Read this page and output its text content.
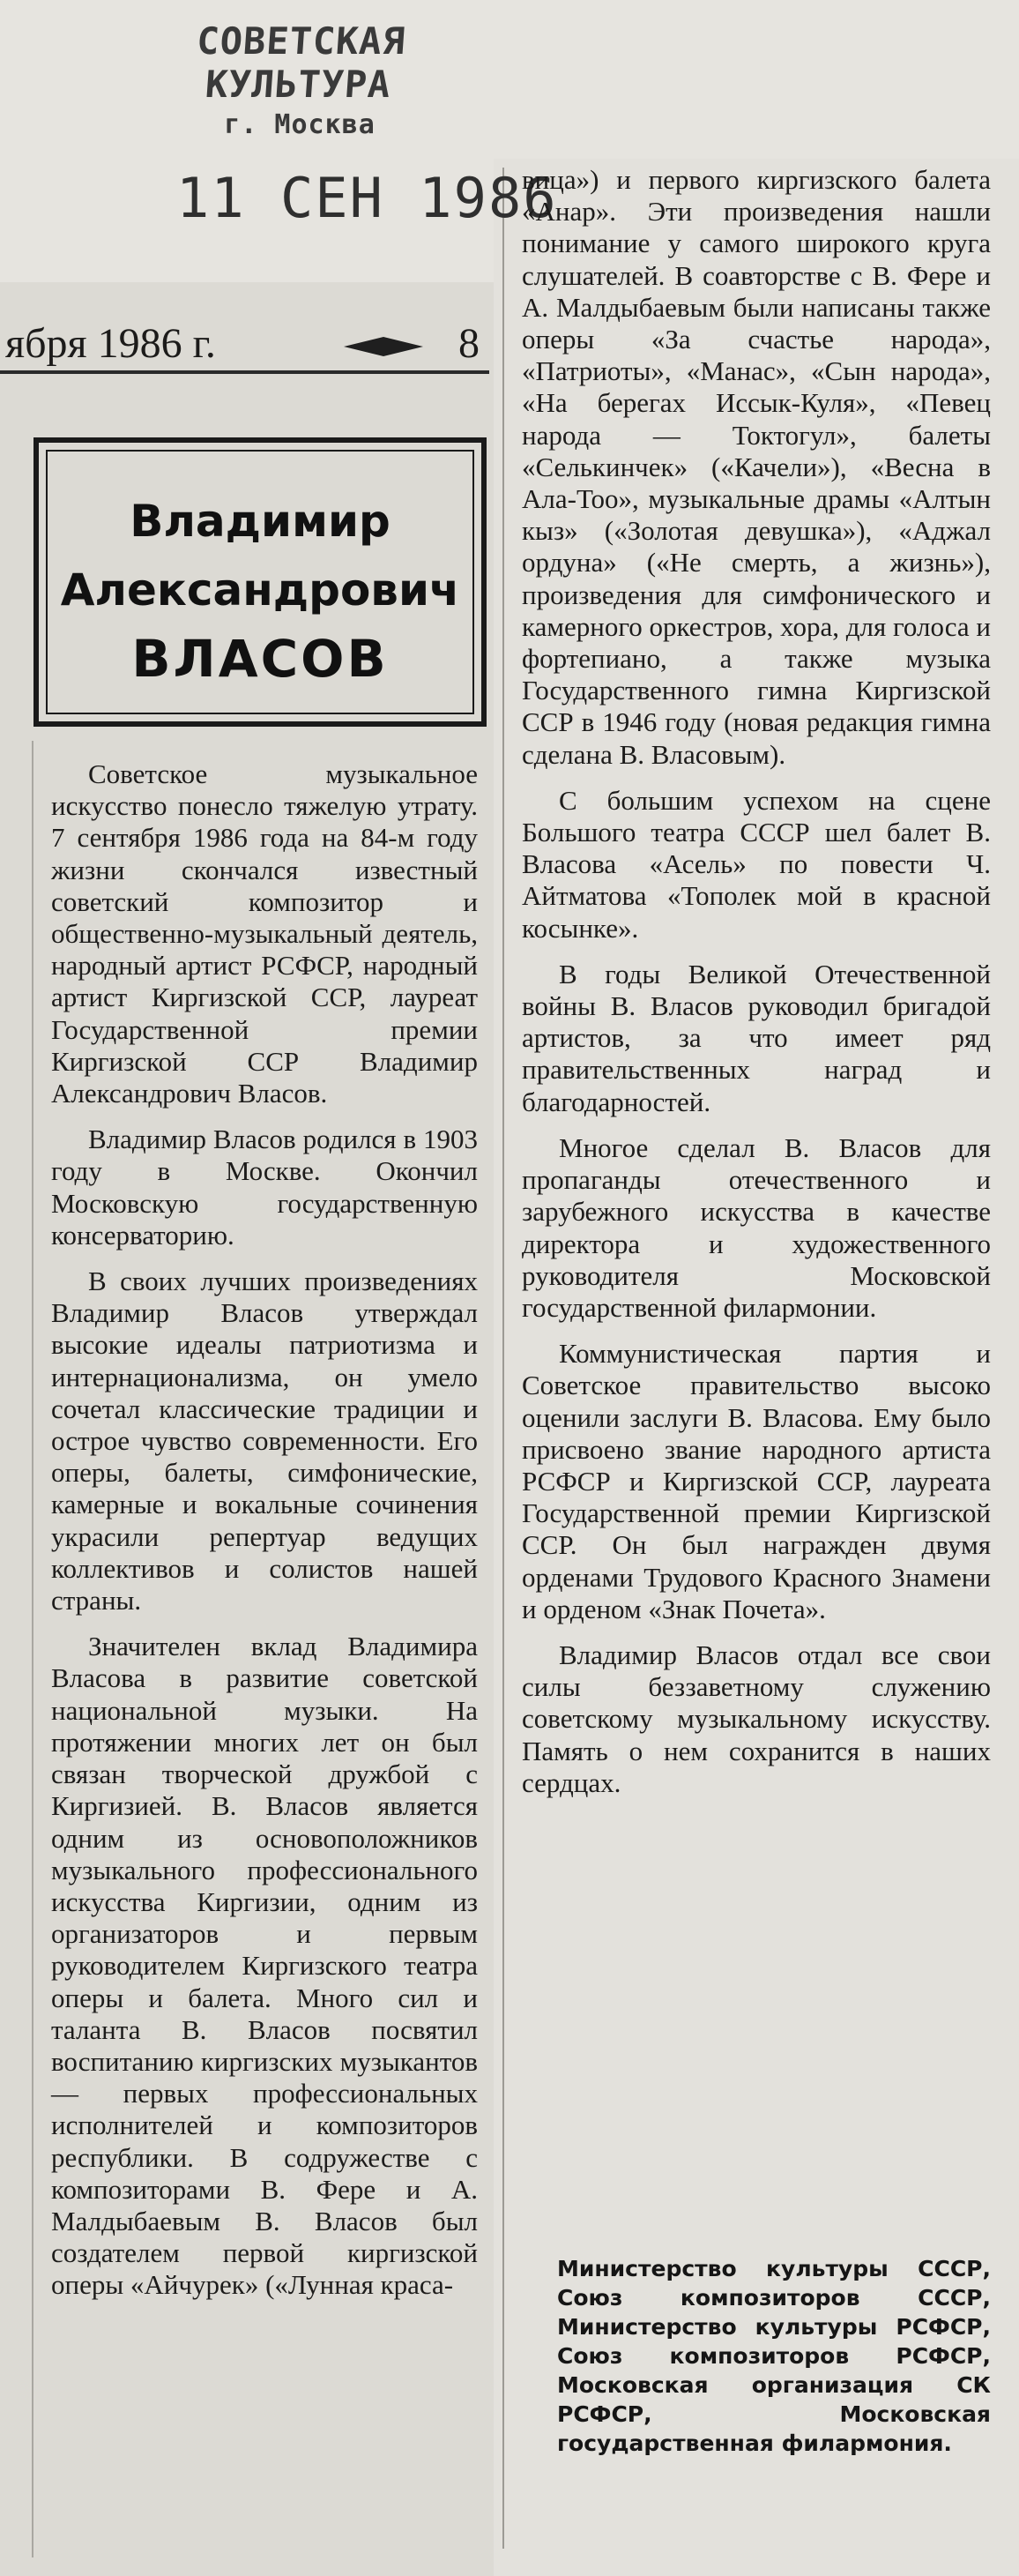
СОВЕТСКАЯ КУЛЬТУРА
г. Москва
11 СЕН 1986
ября 1986 г.	8
Владимир
Александрович
ВЛАСОВ

Советское музыкальное искусство понесло тяжелую утрату. 7 сентября 1986 года на 84-м году жизни скончался известный советский композитор и общественно-музыкальный деятель, народный артист РСФСР, народный артист Киргизской ССР, лауреат Государственной премии Киргизской ССР Владимир Александрович Власов.

Владимир Власов родился в 1903 году в Москве. Окончил Московскую государственную консерваторию.

В своих лучших произведениях Владимир Власов утверждал высокие идеалы патриотизма и интернационализма, он умело сочетал классические традиции и острое чувство современности. Его оперы, балеты, симфонические, камерные и вокальные сочинения украсили репертуар ведущих коллективов и солистов нашей страны.

Значителен вклад Владимира Власова в развитие советской национальной музыки. На протяжении многих лет он был связан творческой дружбой с Киргизией. В. Власов является одним из основоположников музыкального профессионального искусства Киргизии, одним из организаторов и первым руководителем Киргизского театра оперы и балета. Много сил и таланта В. Власов посвятил воспитанию киргизских музыкантов — первых профессиональных исполнителей и композиторов республики. В содружестве с композиторами В. Фере и А. Малдыбаевым В. Власов был создателем первой киргизской оперы «Айчурек» («Лунная краса-

вица») и первого киргизского балета «Анар». Эти произведения нашли понимание у самого широкого круга слушателей. В соавторстве с В. Фере и А. Малдыбаевым были написаны также оперы «За счастье народа», «Патриоты», «Манас», «Сын народа», «На берегах Иссык-Куля», «Певец народа — Токтогул», балеты «Селькинчек» («Качели»), «Весна в Ала-Тоо», музыкальные драмы «Алтын кыз» («Золотая девушка»), «Аджал ордуна» («Не смерть, а жизнь»), произведения для симфонического и камерного оркестров, хора, для голоса и фортепиано, а также музыка Государственного гимна Киргизской ССР в 1946 году (новая редакция гимна сделана В. Власовым).

С большим успехом на сцене Большого театра СССР шел балет В. Власова «Асель» по повести Ч. Айтматова «Тополек мой в красной косынке».

В годы Великой Отечественной войны В. Власов руководил бригадой артистов, за что имеет ряд правительственных наград и благодарностей.

Многое сделал В. Власов для пропаганды отечественного и зарубежного искусства в качестве директора и художественного руководителя Московской государственной филармонии.

Коммунистическая партия и Советское правительство высоко оценили заслуги В. Власова. Ему было присвоено звание народного артиста РСФСР и Киргизской ССР, лауреата Государственной премии Киргизской ССР. Он был награжден двумя орденами Трудового Красного Знамени и орденом «Знак Почета».

Владимир Власов отдал все свои силы беззаветному служению советскому музыкальному искусству. Память о нем сохранится в наших сердцах.

Министерство культуры СССР, Союз композиторов СССР, Министерство культуры РСФСР, Союз композиторов РСФСР, Московская организация СК РСФСР, Московская государственная филармония.
